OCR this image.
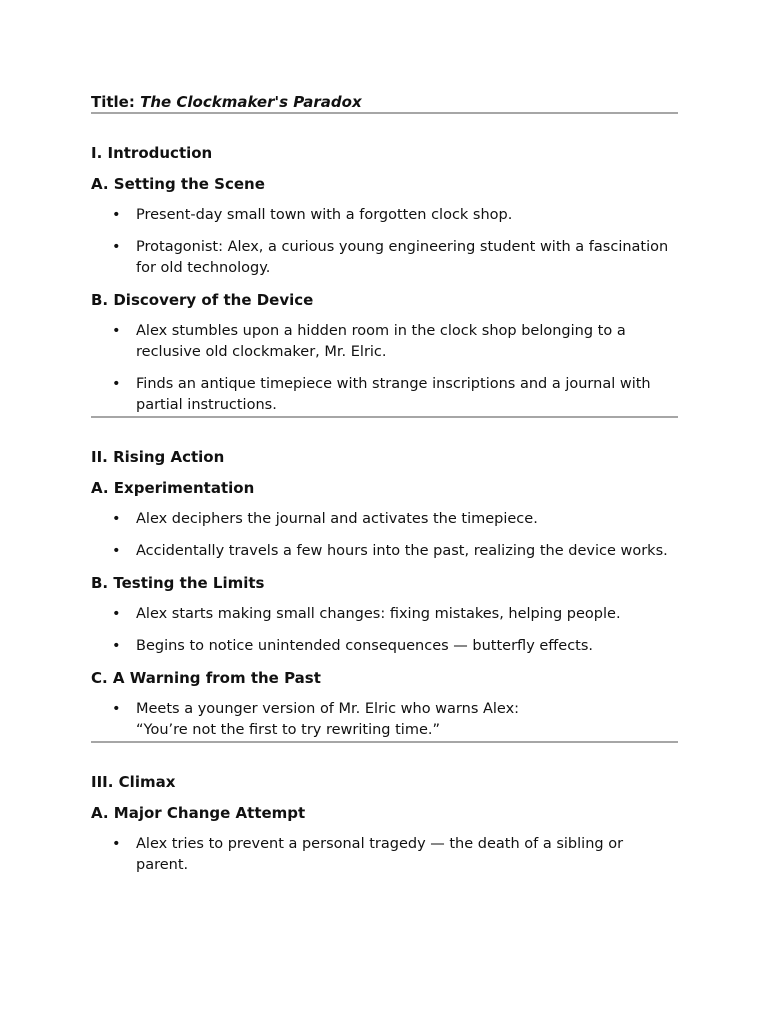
Title: The Clockmaker's Paradox

I. Introduction
A. Setting the Scene
• Present-day small town with a forgotten clock shop.
• Protagonist: Alex, a curious young engineering student with a fascination for old technology.
B. Discovery of the Device
• Alex stumbles upon a hidden room in the clock shop belonging to a reclusive old clockmaker, Mr. Elric.
• Finds an antique timepiece with strange inscriptions and a journal with partial instructions.
II. Rising Action
A. Experimentation
• Alex deciphers the journal and activates the timepiece.
• Accidentally travels a few hours into the past, realizing the device works.
B. Testing the Limits
• Alex starts making small changes: fixing mistakes, helping people.
• Begins to notice unintended consequences — butterfly effects.
C. A Warning from the Past
• Meets a younger version of Mr. Elric who warns Alex:
“You’re not the first to try rewriting time.”
III. Climax
A. Major Change Attempt
• Alex tries to prevent a personal tragedy — the death of a sibling or parent.
